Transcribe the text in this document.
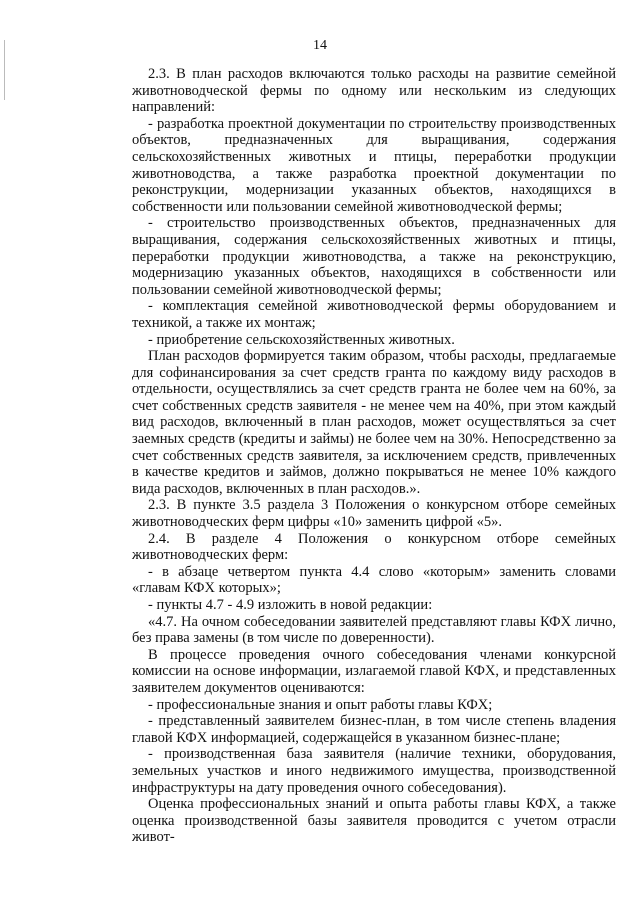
14

2.3. В план расходов включаются только расходы на развитие семейной животноводческой фермы по одному или нескольким из следующих направлений:

- разработка проектной документации по строительству производственных объектов, предназначенных для выращивания, содержания сельскохозяйственных животных и птицы, переработки продукции животноводства, а также разработка проектной документации по реконструкции, модернизации указанных объектов, находящихся в собственности или пользовании семейной животноводческой фермы;

- строительство производственных объектов, предназначенных для выращивания, содержания сельскохозяйственных животных и птицы, переработки продукции животноводства, а также на реконструкцию, модернизацию указанных объектов, находящихся в собственности или пользовании семейной животноводческой фермы;

- комплектация семейной животноводческой фермы оборудованием и техникой, а также их монтаж;

- приобретение сельскохозяйственных животных.

План расходов формируется таким образом, чтобы расходы, предлагаемые для софинансирования за счет средств гранта по каждому виду расходов в отдельности, осуществлялись за счет средств гранта не более чем на 60%, за счет собственных средств заявителя - не менее чем на 40%, при этом каждый вид расходов, включенный в план расходов, может осуществляться за счет заемных средств (кредиты и займы) не более чем на 30%. Непосредственно за счет собственных средств заявителя, за исключением средств, привлеченных в качестве кредитов и займов, должно покрываться не менее 10% каждого вида расходов, включенных в план расходов.».

2.3. В пункте 3.5 раздела 3 Положения о конкурсном отборе семейных животноводческих ферм цифры «10» заменить цифрой «5».

2.4. В разделе 4 Положения о конкурсном отборе семейных животноводческих ферм:

- в абзаце четвертом пункта 4.4 слово «которым» заменить словами «главам КФХ которых»;

- пункты 4.7 - 4.9 изложить в новой редакции:

«4.7. На очном собеседовании заявителей представляют главы КФХ лично, без права замены (в том числе по доверенности).

В процессе проведения очного собеседования членами конкурсной комиссии на основе информации, излагаемой главой КФХ, и представленных заявителем документов оцениваются:

- профессиональные знания и опыт работы главы КФХ;

- представленный заявителем бизнес-план, в том числе степень владения главой КФХ информацией, содержащейся в указанном бизнес-плане;

- производственная база заявителя (наличие техники, оборудования, земельных участков и иного недвижимого имущества, производственной инфраструктуры на дату проведения очного собеседования).

Оценка профессиональных знаний и опыта работы главы КФХ, а также оценка производственной базы заявителя проводится с учетом отрасли живот-
